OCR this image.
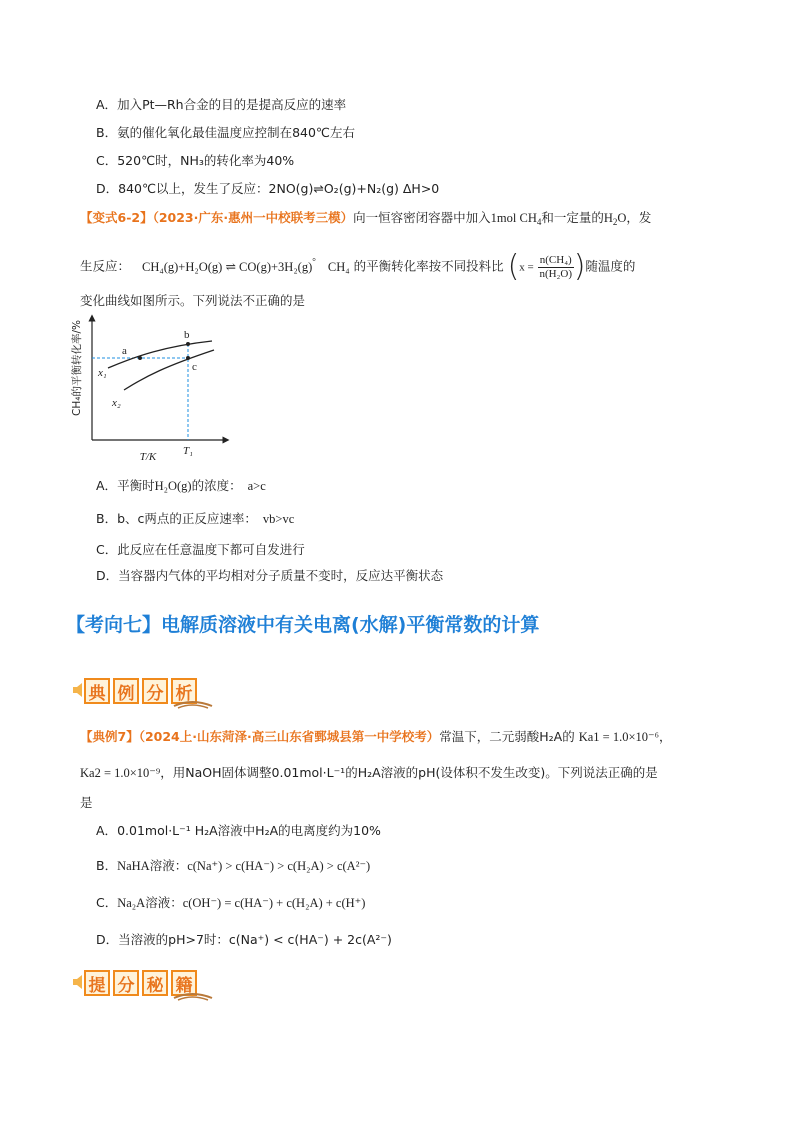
A．加入Pt—Rh合金的目的是提高反应的速率
B．氨的催化氧化最佳温度应控制在840℃左右
C．520℃时，NH₃的转化率为40%
D．840℃以上，发生了反应：2NO(g)⇌O₂(g)+N₂(g) ΔH>0
【变式6-2】（2023·广东·惠州一中校联考三模）向一恒容密闭容器中加入1mol $CH_4$和一定量的$H_2O$，发
生反应： CH₄(g)+H₂O(g) ⇌ CO(g)+3H₂(g)° CH₄ 的平衡转化率按不同投料比 ($x = \frac{\text{n(CH₄)}}{\text{n(H₂O)}}$ )随温度的
变化曲线如图所示。下列说法不正确的是
CH₄的平衡转化率/%
T/K T₁
x₁
x₂
a
b
c
A．平衡时H₂O(g)的浓度： a>c
B．b、c两点的正反应速率： vb>vc
C．此反应在任意温度下都可自发进行
D．当容器内气体的平均相对分子质量不变时，反应达平衡状态
【考向七】电解质溶液中有关电离(水解)平衡常数的计算
典 例 分 析
【典例7】（2024上·山东菏泽·高三山东省鄄城县第一中学校考）常温下，二元弱酸H₂A的 Ka1 = 1.0×10⁻⁶，
Ka2 = 1.0×10⁻⁹，用NaOH固体调整0.01mol·L⁻¹的H₂A溶液的pH(设体积不发生改变)。下列说法正确的是
是
A．0.01mol·L⁻¹ H₂A溶液中H₂A的电离度约为10%
B．NaHA溶液：c(Na⁺) > c(HA⁻) > c(H₂A) > c(A²⁻)
C．Na₂A溶液：c(OH⁻) = c(HA⁻) + c(H₂A) + c(H⁺)
D．当溶液的pH>7时：c(Na⁺) < c(HA⁻) + 2c(A²⁻)
提 分 秘 籍
